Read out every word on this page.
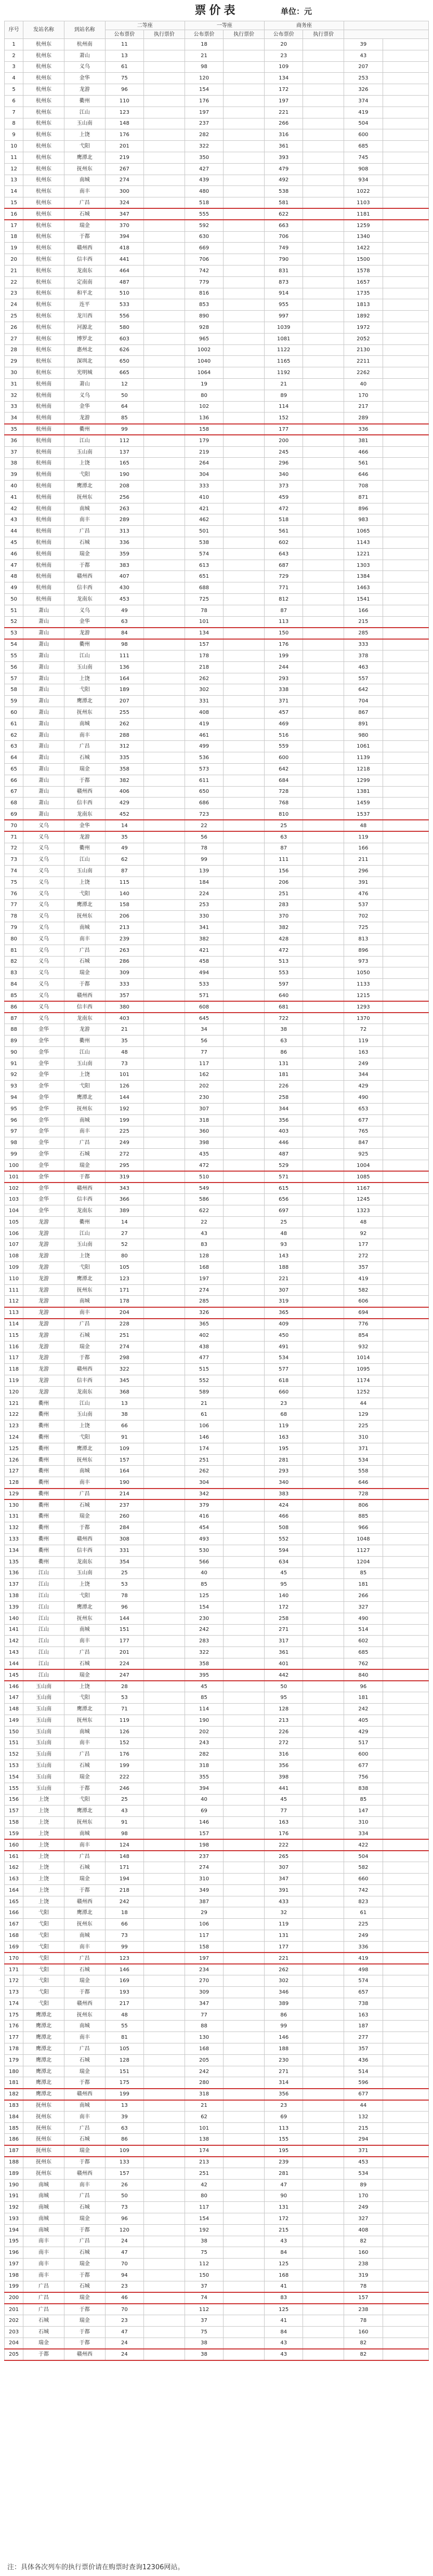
票价表	单位：元
序号	发站名称	到站名称	二等座		一等座		商务座			
			公布票价	执行票价	公布票价	执行票价	公布票价	执行票价		
1	杭州东	杭州南	11		18		20		39	
2	杭州东	萧山	13		21		23		43	
3	杭州东	义乌	61		98		109		207	
4	杭州东	金华	75		120		134		253	
5	杭州东	龙游	96		154		172		326	
6	杭州东	衢州	110		176		197		374	
7	杭州东	江山	123		197		221		419	
8	杭州东	玉山南	148		237		266		504	
9	杭州东	上饶	176		282		316		600	
10	杭州东	弋阳	201		322		361		685	
11	杭州东	鹰潭北	219		350		393		745	
12	杭州东	抚州东	267		427		479		908	
13	杭州东	南城	274		439		492		934	
14	杭州东	南丰	300		480		538		1022	
15	杭州东	广昌	324		518		581		1103	
16	杭州东	石城	347		555		622		1181	
17	杭州东	瑞金	370		592		663		1259	
18	杭州东	于都	394		630		706		1340	
19	杭州东	赣州西	418		669		749		1422	
20	杭州东	信丰西	441		706		790		1500	
21	杭州东	龙南东	464		742		831		1578	
22	杭州东	定南南	487		779		873		1657	
23	杭州东	和平北	510		816		914		1735	
24	杭州东	连平	533		853		955		1813	
25	杭州东	龙川西	556		890		997		1892	
26	杭州东	河源北	580		928		1039		1972	
27	杭州东	博罗北	603		965		1081		2052	
28	杭州东	惠州北	626		1002		1122		2130	
29	杭州东	深圳北	650		1040		1165		2211	
30	杭州东	光明城	665		1064		1192		2262	
31	杭州南	萧山	12		19		21		40	
32	杭州南	义乌	50		80		89		170	
33	杭州南	金华	64		102		114		217	
34	杭州南	龙游	85		136		152		289	
35	杭州南	衢州	99		158		177		336	
36	杭州南	江山	112		179		200		381	
37	杭州南	玉山南	137		219		245		466	
38	杭州南	上饶	165		264		296		561	
39	杭州南	弋阳	190		304		340		646	
40	杭州南	鹰潭北	208		333		373		708	
41	杭州南	抚州东	256		410		459		871	
42	杭州南	南城	263		421		472		896	
43	杭州南	南丰	289		462		518		983	
44	杭州南	广昌	313		501		561		1065	
45	杭州南	石城	336		538		602		1143	
46	杭州南	瑞金	359		574		643		1221	
47	杭州南	于都	383		613		687		1303	
48	杭州南	赣州西	407		651		729		1384	
49	杭州南	信丰西	430		688		771		1463	
50	杭州南	龙南东	453		725		812		1541	
51	萧山	义乌	49		78		87		166	
52	萧山	金华	63		101		113		215	
53	萧山	龙游	84		134		150		285	
54	萧山	衢州	98		157		176		333	
55	萧山	江山	111		178		199		378	
56	萧山	玉山南	136		218		244		463	
57	萧山	上饶	164		262		293		557	
58	萧山	弋阳	189		302		338		642	
59	萧山	鹰潭北	207		331		371		704	
60	萧山	抚州东	255		408		457		867	
61	萧山	南城	262		419		469		891	
62	萧山	南丰	288		461		516		980	
63	萧山	广昌	312		499		559		1061	
64	萧山	石城	335		536		600		1139	
65	萧山	瑞金	358		573		642		1218	
66	萧山	于都	382		611		684		1299	
67	萧山	赣州西	406		650		728		1381	
68	萧山	信丰西	429		686		768		1459	
69	萧山	龙南东	452		723		810		1537	
70	义乌	金华	14		22		25		48	
71	义乌	龙游	35		56		63		119	
72	义乌	衢州	49		78		87		166	
73	义乌	江山	62		99		111		211	
74	义乌	玉山南	87		139		156		296	
75	义乌	上饶	115		184		206		391	
76	义乌	弋阳	140		224		251		476	
77	义乌	鹰潭北	158		253		283		537	
78	义乌	抚州东	206		330		370		702	
79	义乌	南城	213		341		382		725	
80	义乌	南丰	239		382		428		813	
81	义乌	广昌	263		421		472		896	
82	义乌	石城	286		458		513		973	
83	义乌	瑞金	309		494		553		1050	
84	义乌	于都	333		533		597		1133	
85	义乌	赣州西	357		571		640		1215	
86	义乌	信丰西	380		608		681		1293	
87	义乌	龙南东	403		645		722		1370	
88	金华	龙游	21		34		38		72	
89	金华	衢州	35		56		63		119	
90	金华	江山	48		77		86		163	
91	金华	玉山南	73		117		131		249	
92	金华	上饶	101		162		181		344	
93	金华	弋阳	126		202		226		429	
94	金华	鹰潭北	144		230		258		490	
95	金华	抚州东	192		307		344		653	
96	金华	南城	199		318		356		677	
97	金华	南丰	225		360		403		765	
98	金华	广昌	249		398		446		847	
99	金华	石城	272		435		487		925	
100	金华	瑞金	295		472		529		1004	
101	金华	于都	319		510		571		1085	
102	金华	赣州西	343		549		615		1167	
103	金华	信丰西	366		586		656		1245	
104	金华	龙南东	389		622		697		1323	
105	龙游	衢州	14		22		25		48	
106	龙游	江山	27		43		48		92	
107	龙游	玉山南	52		83		93		177	
108	龙游	上饶	80		128		143		272	
109	龙游	弋阳	105		168		188		357	
110	龙游	鹰潭北	123		197		221		419	
111	龙游	抚州东	171		274		307		582	
112	龙游	南城	178		285		319		606	
113	龙游	南丰	204		326		365		694	
114	龙游	广昌	228		365		409		776	
115	龙游	石城	251		402		450		854	
116	龙游	瑞金	274		438		491		932	
117	龙游	于都	298		477		534		1014	
118	龙游	赣州西	322		515		577		1095	
119	龙游	信丰西	345		552		618		1174	
120	龙游	龙南东	368		589		660		1252	
121	衢州	江山	13		21		23		44	
122	衢州	玉山南	38		61		68		129	
123	衢州	上饶	66		106		119		225	
124	衢州	弋阳	91		146		163		310	
125	衢州	鹰潭北	109		174		195		371	
126	衢州	抚州东	157		251		281		534	
127	衢州	南城	164		262		293		558	
128	衢州	南丰	190		304		340		646	
129	衢州	广昌	214		342		383		728	
130	衢州	石城	237		379		424		806	
131	衢州	瑞金	260		416		466		885	
132	衢州	于都	284		454		508		966	
133	衢州	赣州西	308		493		552		1048	
134	衢州	信丰西	331		530		594		1127	
135	衢州	龙南东	354		566		634		1204	
136	江山	玉山南	25		40		45		85	
137	江山	上饶	53		85		95		181	
138	江山	弋阳	78		125		140		266	
139	江山	鹰潭北	96		154		172		327	
140	江山	抚州东	144		230		258		490	
141	江山	南城	151		242		271		514	
142	江山	南丰	177		283		317		602	
143	江山	广昌	201		322		361		685	
144	江山	石城	224		358		401		762	
145	江山	瑞金	247		395		442		840	
146	玉山南	上饶	28		45		50		96	
147	玉山南	弋阳	53		85		95		181	
148	玉山南	鹰潭北	71		114		128		242	
149	玉山南	抚州东	119		190		213		405	
150	玉山南	南城	126		202		226		429	
151	玉山南	南丰	152		243		272		517	
152	玉山南	广昌	176		282		316		600	
153	玉山南	石城	199		318		356		677	
154	玉山南	瑞金	222		355		398		756	
155	玉山南	于都	246		394		441		838	
156	上饶	弋阳	25		40		45		85	
157	上饶	鹰潭北	43		69		77		147	
158	上饶	抚州东	91		146		163		310	
159	上饶	南城	98		157		176		334	
160	上饶	南丰	124		198		222		422	
161	上饶	广昌	148		237		265		504	
162	上饶	石城	171		274		307		582	
163	上饶	瑞金	194		310		347		660	
164	上饶	于都	218		349		391		742	
165	上饶	赣州西	242		387		433		823	
166	弋阳	鹰潭北	18		29		32		61	
167	弋阳	抚州东	66		106		119		225	
168	弋阳	南城	73		117		131		249	
169	弋阳	南丰	99		158		177		336	
170	弋阳	广昌	123		197		221		419	
171	弋阳	石城	146		234		262		498	
172	弋阳	瑞金	169		270		302		574	
173	弋阳	于都	193		309		346		657	
174	弋阳	赣州西	217		347		389		738	
175	鹰潭北	抚州东	48		77		86		163	
176	鹰潭北	南城	55		88		99		187	
177	鹰潭北	南丰	81		130		146		277	
178	鹰潭北	广昌	105		168		188		357	
179	鹰潭北	石城	128		205		230		436	
180	鹰潭北	瑞金	151		242		271		514	
181	鹰潭北	于都	175		280		314		596	
182	鹰潭北	赣州西	199		318		356		677	
183	抚州东	南城	13		21		23		44	
184	抚州东	南丰	39		62		69		132	
185	抚州东	广昌	63		101		113		215	
186	抚州东	石城	86		138		155		294	
187	抚州东	瑞金	109		174		195		371	
188	抚州东	于都	133		213		239		453	
189	抚州东	赣州西	157		251		281		534	
190	南城	南丰	26		42		47		89	
191	南城	广昌	50		80		90		170	
192	南城	石城	73		117		131		249	
193	南城	瑞金	96		154		172		327	
194	南城	于都	120		192		215		408	
195	南丰	广昌	24		38		43		82	
196	南丰	石城	47		75		84		160	
197	南丰	瑞金	70		112		125		238	
198	南丰	于都	94		150		168		319	
199	广昌	石城	23		37		41		78	
200	广昌	瑞金	46		74		83		157	
201	广昌	于都	70		112		125		238	
202	石城	瑞金	23		37		41		78	
203	石城	于都	47		75		84		160	
204	瑞金	于都	24		38		43		82	
205	于都	赣州西	24		38		43		82	
注：具体各次列车的执行票价请在购票时查询12306网站。
